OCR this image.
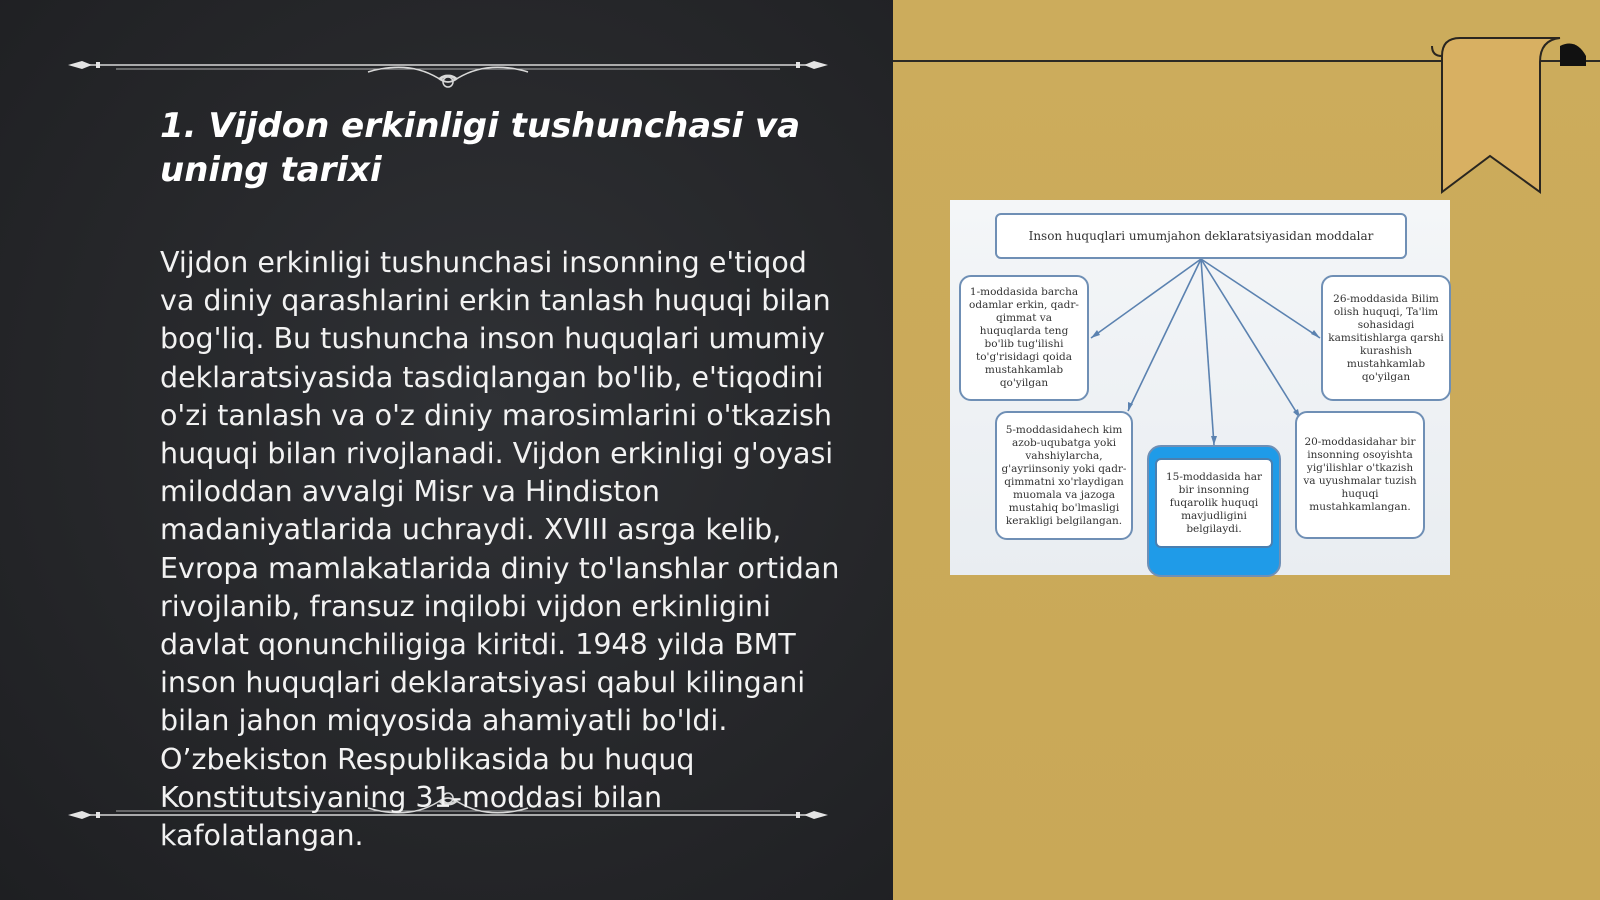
1. Vijdon erkinligi tushunchasi va uning tarixi

Vijdon erkinligi tushunchasi insonning e'tiqod va diniy qarashlarini erkin tanlash huquqi bilan bog'liq. Bu tushuncha inson huquqlari umumiy deklaratsiyasida tasdiqlangan bo'lib, e'tiqodini o'zi tanlash va o'z diniy marosimlarini o'tkazish huquqi bilan rivojlanadi. Vijdon erkinligi g'oyasi miloddan avvalgi Misr va Hindiston madaniyatlarida uchraydi. XVIII asrga kelib, Evropa mamlakatlarida diniy to'lanshlar ortidan rivojlanib, fransuz inqilobi vijdon erkinligini davlat qonunchiligiga kiritdi. 1948 yilda BMT inson huquqlari deklaratsiyasi qabul kilingani bilan jahon miqyosida ahamiyatli bo'ldi. O’zbekiston Respublikasida bu huquq Konstitutsiyaning 31-moddasi bilan kafolatlangan.

Inson huquqlari umumjahon deklaratsiyasidan moddalar
1-moddasida barcha odamlar erkin, qadr-qimmat va huquqlarda teng bo'lib tug'ilishi to'g'risidagi qoida mustahkamlab qo'yilgan
26-moddasida Bilim olish huquqi, Ta'lim sohasidagi kamsitishlarga qarshi kurashish mustahkamlab qo'yilgan
5-moddasidahech kim azob-uqubatga yoki vahshiylarcha, g'ayriinsoniy yoki qadr-qimmatni xo'rlaydigan muomala va jazoga mustahiq bo'lmasligi kerakligi belgilangan.
20-moddasidahar bir insonning osoyishta yig'ilishlar o'tkazish va uyushmalar tuzish huquqi mustahkamlangan.
15-moddasida har bir insonning fuqarolik huquqi mavjudligini belgilaydi.
